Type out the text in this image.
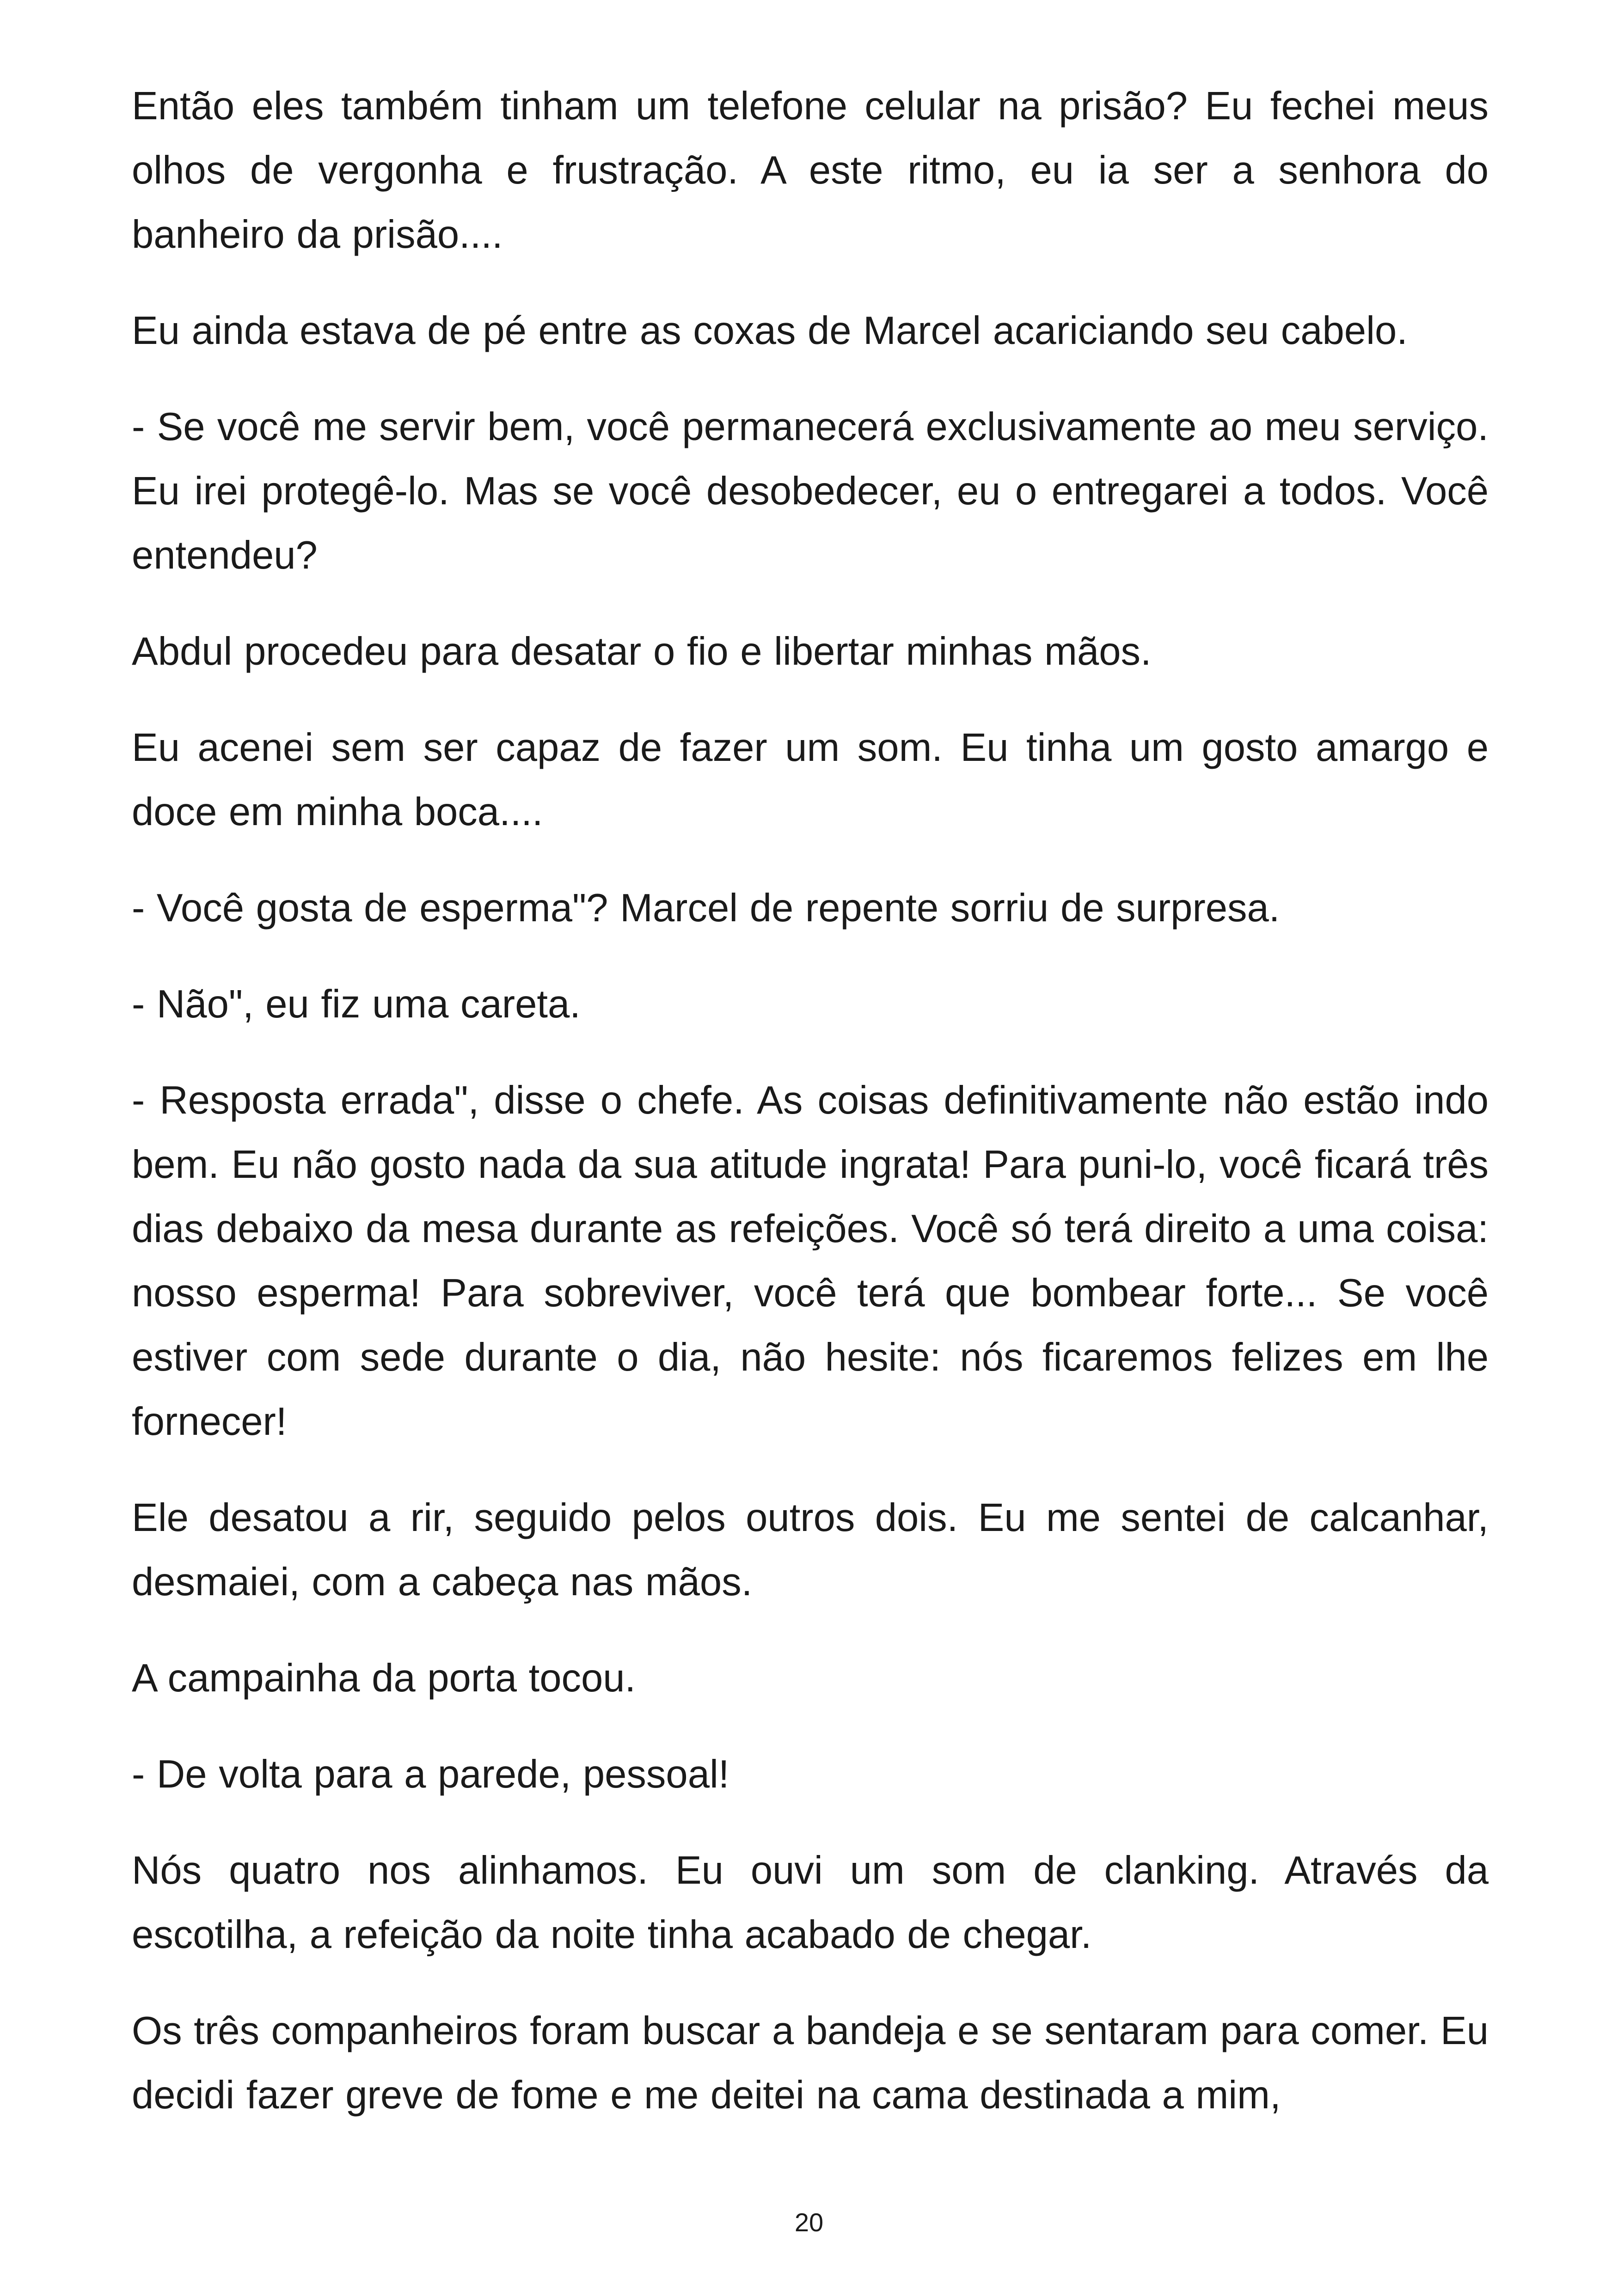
Então eles também tinham um telefone celular na prisão? Eu fechei meus olhos de vergonha e frustração. A este ritmo, eu ia ser a senhora do banheiro da prisão....

Eu ainda estava de pé entre as coxas de Marcel acariciando seu cabelo.

- Se você me servir bem, você permanecerá exclusivamente ao meu serviço. Eu irei protegê-lo. Mas se você desobedecer, eu o entregarei a todos. Você entendeu?

Abdul procedeu para desatar o fio e libertar minhas mãos.

Eu acenei sem ser capaz de fazer um som. Eu tinha um gosto amargo e doce em minha boca....

- Você gosta de esperma"? Marcel de repente sorriu de surpresa.

- Não", eu fiz uma careta.

- Resposta errada", disse o chefe. As coisas definitivamente não estão indo bem. Eu não gosto nada da sua atitude ingrata! Para puni-lo, você ficará três dias debaixo da mesa durante as refeições. Você só terá direito a uma coisa: nosso esperma! Para sobreviver, você terá que bombear forte... Se você estiver com sede durante o dia, não hesite: nós ficaremos felizes em lhe fornecer!

Ele desatou a rir, seguido pelos outros dois. Eu me sentei de calcanhar, desmaiei, com a cabeça nas mãos.

A campainha da porta tocou.

- De volta para a parede, pessoal!

Nós quatro nos alinhamos. Eu ouvi um som de clanking. Através da escotilha, a refeição da noite tinha acabado de chegar.

Os três companheiros foram buscar a bandeja e se sentaram para comer. Eu decidi fazer greve de fome e me deitei na cama destinada a mim,

20
